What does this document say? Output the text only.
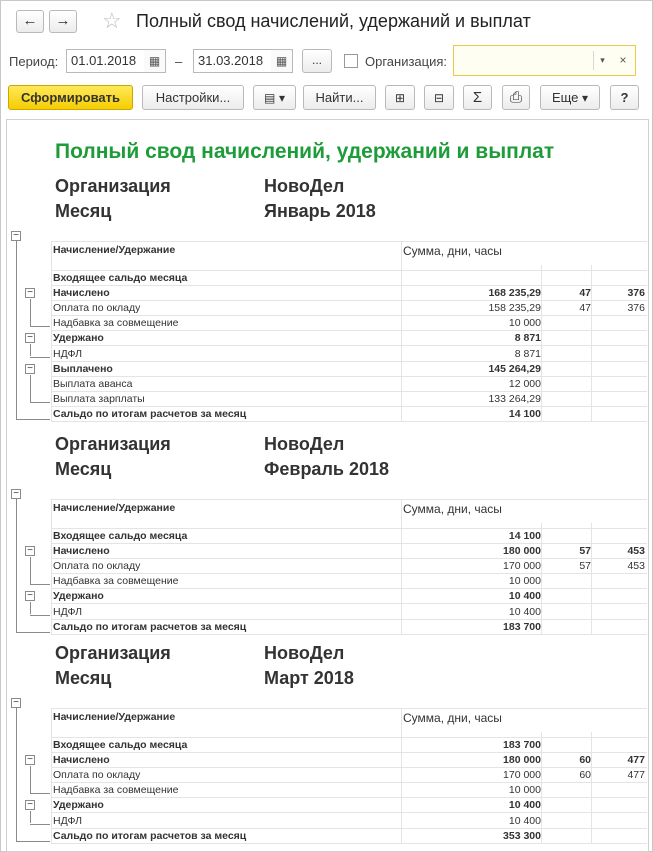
←	→ ☆ Полный свод начислений, удержаний и выплат
Период: 01.01.2018	▦	–	31.03.2018	▦	...	Организация:	▾	×
Сформировать	Настройки...	▤ ▾	Найти...	⊞	⊟	Σ	⎙	Еще ▾	?
Полный свод начислений, удержаний и выплат
Организация	НовоДел
Месяц	Январь 2018
Начисление/Удержание	Сумма, дни, часы
Входящее сальдо месяца
Начислено	168 235,29	47	376
Оплата по окладу	158 235,29	47	376
Надбавка за совмещение	10 000
Удержано	8 871
НДФЛ	8 871
Выплачено	145 264,29
Выплата аванса	12 000
Выплата зарплаты	133 264,29
Сальдо по итогам расчетов за месяц	14 100
−
−
−
−
Организация	НовоДел
Месяц	Февраль 2018
Начисление/Удержание	Сумма, дни, часы
Входящее сальдо месяца	14 100
Начислено	180 000	57	453
Оплата по окладу	170 000	57	453
Надбавка за совмещение	10 000
Удержано	10 400
НДФЛ	10 400
Сальдо по итогам расчетов за месяц	183 700
−
−
−
Организация	НовоДел
Месяц	Март 2018
Начисление/Удержание	Сумма, дни, часы
Входящее сальдо месяца	183 700
Начислено	180 000	60	477
Оплата по окладу	170 000	60	477
Надбавка за совмещение	10 000
Удержано	10 400
НДФЛ	10 400
Сальдо по итогам расчетов за месяц	353 300
−
−
−
